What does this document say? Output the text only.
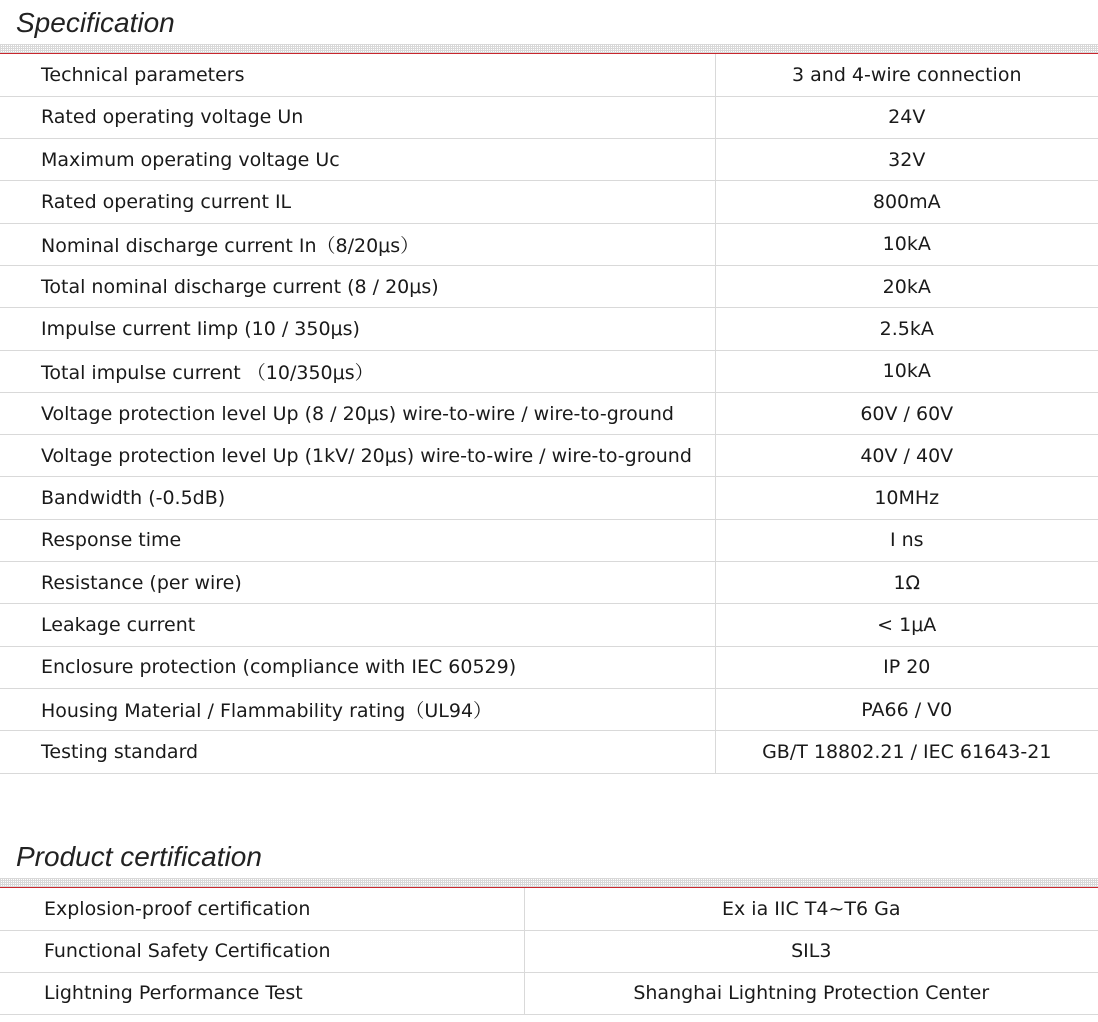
Specification
Technical parameters	3 and 4-wire connection
Rated operating voltage Un	24V
Maximum operating voltage Uc	32V
Rated operating current IL	800mA
Nominal discharge current In（8/20μs）	10kA
Total nominal discharge current (8 / 20μs)	20kA
Impulse current Iimp (10 / 350μs)	2.5kA
Total impulse current （10/350μs）	10kA
Voltage protection level Up (8 / 20μs) wire-to-wire / wire-to-ground	60V / 60V
Voltage protection level Up (1kV/ 20μs) wire-to-wire / wire-to-ground	40V / 40V
Bandwidth (-0.5dB)	10MHz
Response time	I ns
Resistance (per wire)	1Ω
Leakage current	< 1μA
Enclosure protection (compliance with IEC 60529)	IP 20
Housing Material / Flammability rating（UL94）	PA66 / V0
Testing standard	GB/T 18802.21 / IEC 61643-21
Product certification
Explosion-proof certification	Ex ia IIC T4~T6 Ga
Functional Safety Certification	SIL3
Lightning Performance Test	Shanghai Lightning Protection Center
